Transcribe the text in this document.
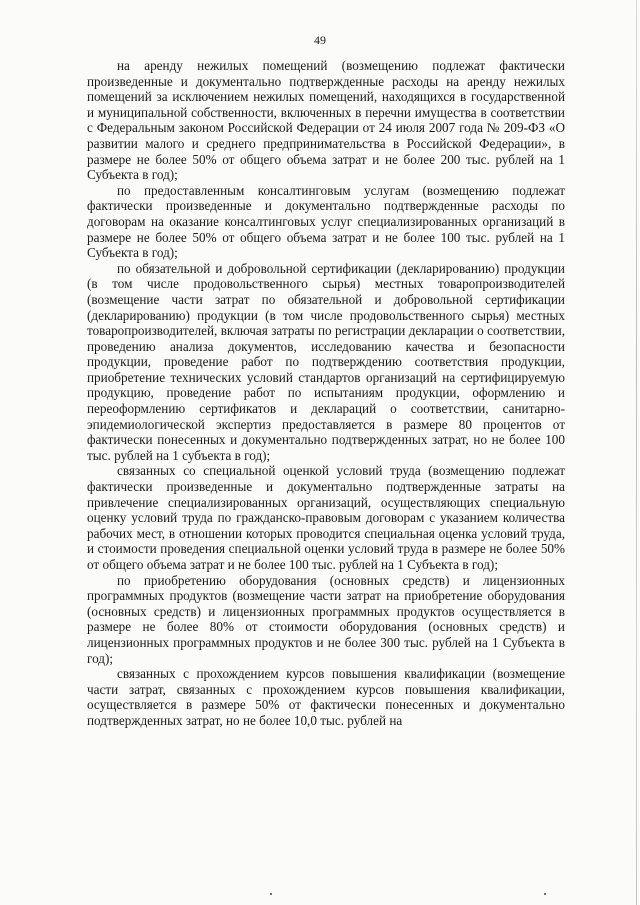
49

на аренду нежилых помещений (возмещению подлежат фактически произведенные и документально подтвержденные расходы на аренду нежилых помещений за исключением нежилых помещений, находящихся в государственной и муниципальной собственности, включенных в перечни имущества в соответствии с Федеральным законом Российской Федерации от 24 июля 2007 года № 209-ФЗ «О развитии малого и среднего предпринимательства в Российской Федерации», в размере не более 50% от общего объема затрат и не более 200 тыс. рублей на 1 Субъекта в год);

по предоставленным консалтинговым услугам (возмещению подлежат фактически произведенные и документально подтвержденные расходы по договорам на оказание консалтинговых услуг специализированных организаций в размере не более 50% от общего объема затрат и не более 100 тыс. рублей на 1 Субъекта в год);

по обязательной и добровольной сертификации (декларированию) продукции (в том числе продовольственного сырья) местных товаропроизводителей (возмещение части затрат по обязательной и добровольной сертификации (декларированию) продукции (в том числе продовольственного сырья) местных товаропроизводителей, включая затраты по регистрации декларации о соответствии, проведению анализа документов, исследованию качества и безопасности продукции, проведение работ по подтверждению соответствия продукции, приобретение технических условий стандартов организаций на сертифицируемую продукцию, проведение работ по испытаниям продукции, оформлению и переоформлению сертификатов и деклараций о соответствии, санитарно-эпидемиологической экспертиз предоставляется в размере 80 процентов от фактически понесенных и документально подтвержденных затрат, но не более 100 тыс. рублей на 1 субъекта в год);

связанных со специальной оценкой условий труда (возмещению подлежат фактически произведенные и документально подтвержденные затраты на привлечение специализированных организаций, осуществляющих специальную оценку условий труда по гражданско-правовым договорам с указанием количества рабочих мест, в отношении которых проводится специальная оценка условий труда, и стоимости проведения специальной оценки условий труда в размере не более 50% от общего объема затрат и не более 100 тыс. рублей на 1 Субъекта в год);

по приобретению оборудования (основных средств) и лицензионных программных продуктов (возмещение части затрат на приобретение оборудования (основных средств) и лицензионных программных продуктов осуществляется в размере не более 80% от стоимости оборудования (основных средств) и лицензионных программных продуктов и не более 300 тыс. рублей на 1 Субъекта в год);

связанных с прохождением курсов повышения квалификации (возмещение части затрат, связанных с прохождением курсов повышения квалификации, осуществляется в размере 50% от фактически понесенных и документально подтвержденных затрат, но не более 10,0 тыс. рублей на
